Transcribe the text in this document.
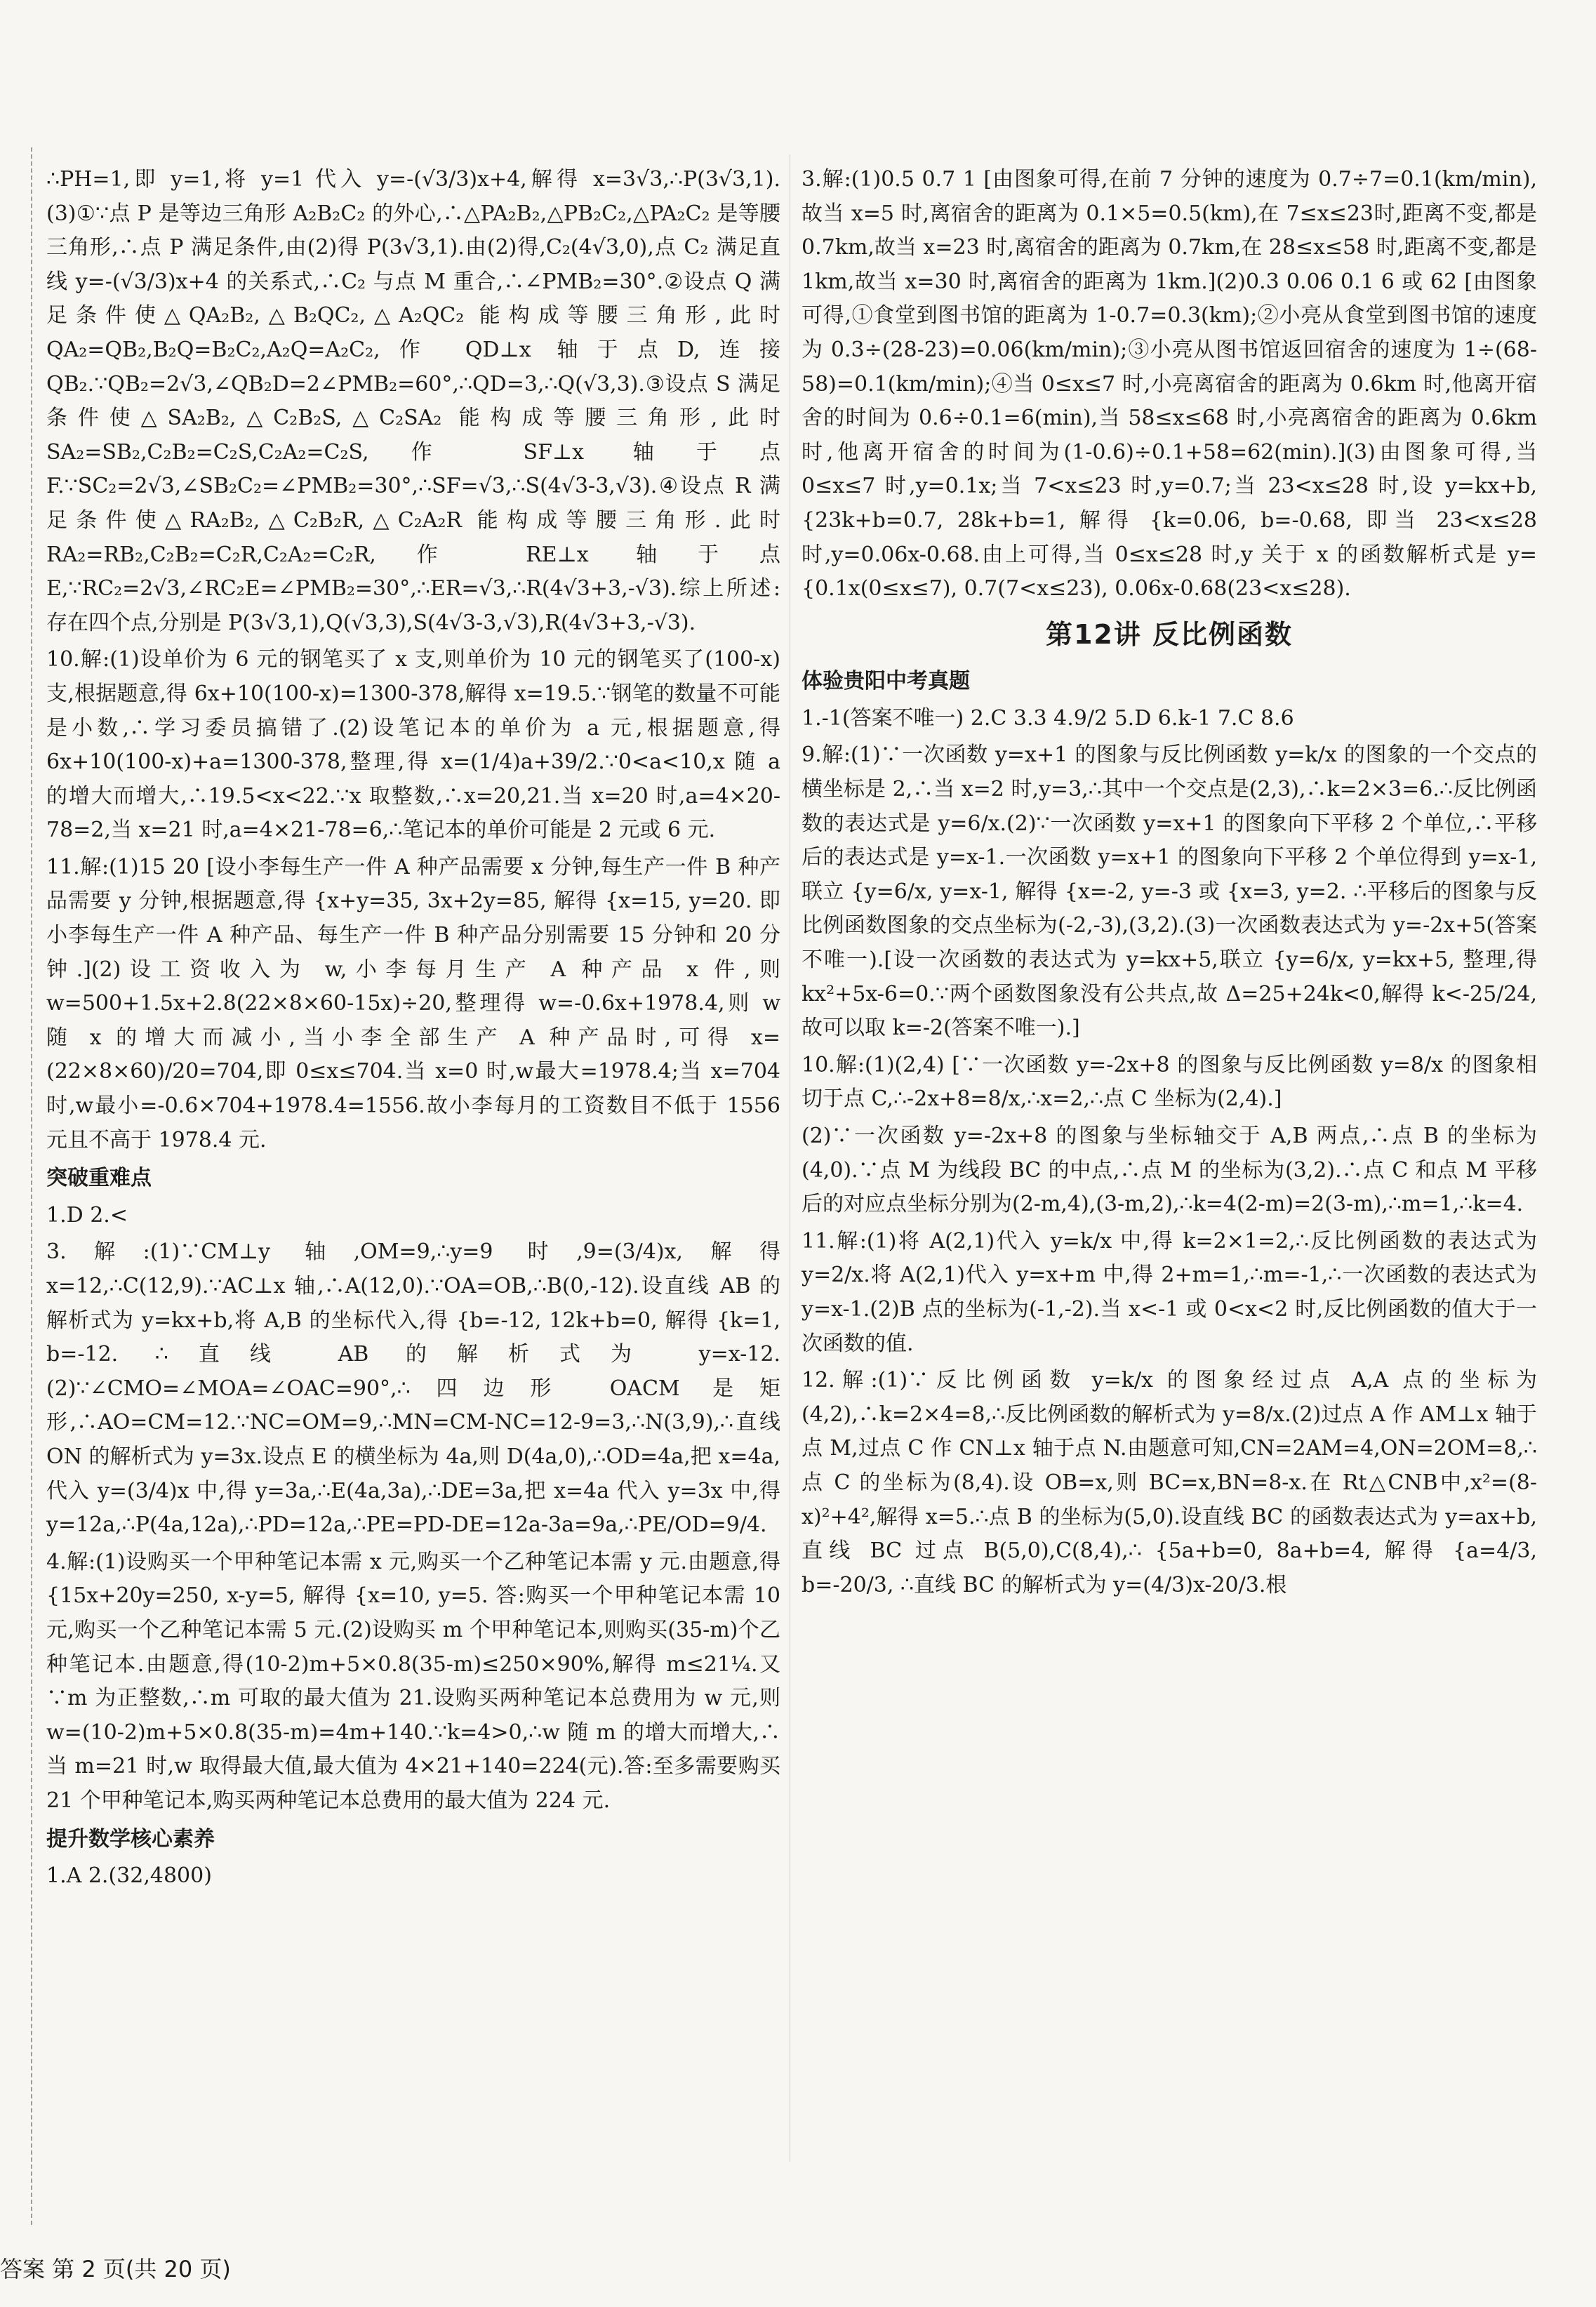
∴PH=1,即 y=1,将 y=1 代入 y=-(√3/3)x+4,解得 x=3√3,∴P(3√3,1).(3)①∵点 P 是等边三角形 A₂B₂C₂ 的外心,∴△PA₂B₂,△PB₂C₂,△PA₂C₂ 是等腰三角形,∴点 P 满足条件,由(2)得 P(3√3,1).由(2)得,C₂(4√3,0),点 C₂ 满足直线 y=-(√3/3)x+4 的关系式,∴C₂ 与点 M 重合,∴∠PMB₂=30°.②设点 Q 满足条件使△QA₂B₂,△B₂QC₂,△A₂QC₂ 能构成等腰三角形,此时 QA₂=QB₂,B₂Q=B₂C₂,A₂Q=A₂C₂,作 QD⊥x 轴于点D,连接 QB₂.∵QB₂=2√3,∠QB₂D=2∠PMB₂=60°,∴QD=3,∴Q(√3,3).③设点 S 满足条件使△SA₂B₂,△C₂B₂S,△C₂SA₂ 能构成等腰三角形,此时 SA₂=SB₂,C₂B₂=C₂S,C₂A₂=C₂S,作 SF⊥x 轴于点 F.∵SC₂=2√3,∠SB₂C₂=∠PMB₂=30°,∴SF=√3,∴S(4√3-3,√3).④设点 R 满足条件使△RA₂B₂,△C₂B₂R,△C₂A₂R 能构成等腰三角形.此时 RA₂=RB₂,C₂B₂=C₂R,C₂A₂=C₂R,作 RE⊥x 轴于点 E,∵RC₂=2√3,∠RC₂E=∠PMB₂=30°,∴ER=√3,∴R(4√3+3,-√3).综上所述:存在四个点,分别是 P(3√3,1),Q(√3,3),S(4√3-3,√3),R(4√3+3,-√3).

10.解:(1)设单价为 6 元的钢笔买了 x 支,则单价为 10 元的钢笔买了(100-x)支,根据题意,得 6x+10(100-x)=1300-378,解得 x=19.5.∵钢笔的数量不可能是小数,∴学习委员搞错了.(2)设笔记本的单价为 a 元,根据题意,得 6x+10(100-x)+a=1300-378,整理,得 x=(1/4)a+39/2.∵0<a<10,x 随 a 的增大而增大,∴19.5<x<22.∵x 取整数,∴x=20,21.当 x=20 时,a=4×20-78=2,当 x=21 时,a=4×21-78=6,∴笔记本的单价可能是 2 元或 6 元.

11.解:(1)15 20 [设小李每生产一件 A 种产品需要 x 分钟,每生产一件 B 种产品需要 y 分钟,根据题意,得 {x+y=35, 3x+2y=85, 解得 {x=15, y=20. 即小李每生产一件 A 种产品、每生产一件 B 种产品分别需要 15 分钟和 20 分钟.](2)设工资收入为 w,小李每月生产 A 种产品 x 件,则 w=500+1.5x+2.8(22×8×60-15x)÷20,整理得 w=-0.6x+1978.4,则 w 随 x 的增大而减小,当小李全部生产 A 种产品时,可得 x=(22×8×60)/20=704,即 0≤x≤704.当 x=0 时,w最大=1978.4;当 x=704 时,w最小=-0.6×704+1978.4=1556.故小李每月的工资数目不低于 1556 元且不高于 1978.4 元.

突破重难点

1.D 2.<

3.解:(1)∵CM⊥y 轴,OM=9,∴y=9 时,9=(3/4)x,解得 x=12,∴C(12,9).∵AC⊥x 轴,∴A(12,0).∵OA=OB,∴B(0,-12).设直线 AB 的解析式为 y=kx+b,将 A,B 的坐标代入,得 {b=-12, 12k+b=0, 解得 {k=1, b=-12. ∴直线 AB 的解析式为 y=x-12.(2)∵∠CMO=∠MOA=∠OAC=90°,∴四边形 OACM 是矩形,∴AO=CM=12.∵NC=OM=9,∴MN=CM-NC=12-9=3,∴N(3,9),∴直线 ON 的解析式为 y=3x.设点 E 的横坐标为 4a,则 D(4a,0),∴OD=4a,把 x=4a,代入 y=(3/4)x 中,得 y=3a,∴E(4a,3a),∴DE=3a,把 x=4a 代入 y=3x 中,得 y=12a,∴P(4a,12a),∴PD=12a,∴PE=PD-DE=12a-3a=9a,∴PE/OD=9/4.

4.解:(1)设购买一个甲种笔记本需 x 元,购买一个乙种笔记本需 y 元.由题意,得 {15x+20y=250, x-y=5, 解得 {x=10, y=5. 答:购买一个甲种笔记本需 10 元,购买一个乙种笔记本需 5 元.(2)设购买 m 个甲种笔记本,则购买(35-m)个乙种笔记本.由题意,得(10-2)m+5×0.8(35-m)≤250×90%,解得 m≤21¼.又∵m 为正整数,∴m 可取的最大值为 21.设购买两种笔记本总费用为 w 元,则 w=(10-2)m+5×0.8(35-m)=4m+140.∵k=4>0,∴w 随 m 的增大而增大,∴当 m=21 时,w 取得最大值,最大值为 4×21+140=224(元).答:至多需要购买 21 个甲种笔记本,购买两种笔记本总费用的最大值为 224 元.

提升数学核心素养

1.A 2.(32,4800)

3.解:(1)0.5 0.7 1 [由图象可得,在前 7 分钟的速度为 0.7÷7=0.1(km/min),故当 x=5 时,离宿舍的距离为 0.1×5=0.5(km),在 7≤x≤23时,距离不变,都是 0.7km,故当 x=23 时,离宿舍的距离为 0.7km,在 28≤x≤58 时,距离不变,都是 1km,故当 x=30 时,离宿舍的距离为 1km.](2)0.3 0.06 0.1 6 或 62 [由图象可得,①食堂到图书馆的距离为 1-0.7=0.3(km);②小亮从食堂到图书馆的速度为 0.3÷(28-23)=0.06(km/min);③小亮从图书馆返回宿舍的速度为 1÷(68-58)=0.1(km/min);④当 0≤x≤7 时,小亮离宿舍的距离为 0.6km 时,他离开宿舍的时间为 0.6÷0.1=6(min),当 58≤x≤68 时,小亮离宿舍的距离为 0.6km 时,他离开宿舍的时间为(1-0.6)÷0.1+58=62(min).](3)由图象可得,当 0≤x≤7 时,y=0.1x;当 7<x≤23 时,y=0.7;当 23<x≤28 时,设 y=kx+b, {23k+b=0.7, 28k+b=1, 解得 {k=0.06, b=-0.68, 即当 23<x≤28 时,y=0.06x-0.68.由上可得,当 0≤x≤28 时,y 关于 x 的函数解析式是 y= {0.1x(0≤x≤7), 0.7(7<x≤23), 0.06x-0.68(23<x≤28).

第12讲 反比例函数

体验贵阳中考真题

1.-1(答案不唯一) 2.C 3.3 4.9/2 5.D 6.k-1 7.C 8.6

9.解:(1)∵一次函数 y=x+1 的图象与反比例函数 y=k/x 的图象的一个交点的横坐标是 2,∴当 x=2 时,y=3,∴其中一个交点是(2,3),∴k=2×3=6.∴反比例函数的表达式是 y=6/x.(2)∵一次函数 y=x+1 的图象向下平移 2 个单位,∴平移后的表达式是 y=x-1.一次函数 y=x+1 的图象向下平移 2 个单位得到 y=x-1,联立 {y=6/x, y=x-1, 解得 {x=-2, y=-3 或 {x=3, y=2. ∴平移后的图象与反比例函数图象的交点坐标为(-2,-3),(3,2).(3)一次函数表达式为 y=-2x+5(答案不唯一).[设一次函数的表达式为 y=kx+5,联立 {y=6/x, y=kx+5, 整理,得 kx²+5x-6=0.∵两个函数图象没有公共点,故 Δ=25+24k<0,解得 k<-25/24,故可以取 k=-2(答案不唯一).]

10.解:(1)(2,4) [∵一次函数 y=-2x+8 的图象与反比例函数 y=8/x 的图象相切于点 C,∴-2x+8=8/x,∴x=2,∴点 C 坐标为(2,4).]

(2)∵一次函数 y=-2x+8 的图象与坐标轴交于 A,B 两点,∴点 B 的坐标为(4,0).∵点 M 为线段 BC 的中点,∴点 M 的坐标为(3,2).∴点 C 和点 M 平移后的对应点坐标分别为(2-m,4),(3-m,2),∴k=4(2-m)=2(3-m),∴m=1,∴k=4.

11.解:(1)将 A(2,1)代入 y=k/x 中,得 k=2×1=2,∴反比例函数的表达式为 y=2/x.将 A(2,1)代入 y=x+m 中,得 2+m=1,∴m=-1,∴一次函数的表达式为 y=x-1.(2)B 点的坐标为(-1,-2).当 x<-1 或 0<x<2 时,反比例函数的值大于一次函数的值.

12.解:(1)∵反比例函数 y=k/x 的图象经过点 A,A 点的坐标为(4,2),∴k=2×4=8,∴反比例函数的解析式为 y=8/x.(2)过点 A 作 AM⊥x 轴于点 M,过点 C 作 CN⊥x 轴于点 N.由题意可知,CN=2AM=4,ON=2OM=8,∴点 C 的坐标为(8,4).设 OB=x,则 BC=x,BN=8-x.在 Rt△CNB中,x²=(8-x)²+4²,解得 x=5.∴点 B 的坐标为(5,0).设直线 BC 的函数表达式为 y=ax+b,直线 BC 过点 B(5,0),C(8,4),∴ {5a+b=0, 8a+b=4, 解得 {a=4/3, b=-20/3, ∴直线 BC 的解析式为 y=(4/3)x-20/3.根

答案 第 2 页(共 20 页)
